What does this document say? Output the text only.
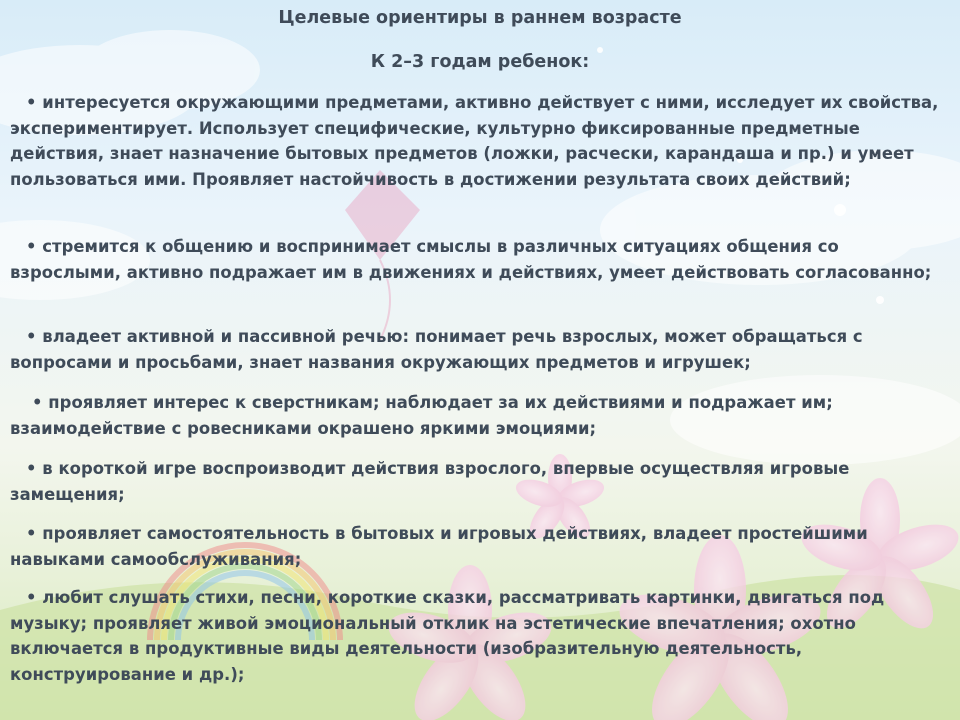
Целевые ориентиры в раннем возрасте
К 2–3 годам ребенок:
• интересуется окружающими предметами, активно действует с ними, исследует их свойства, экспериментирует. Использует специфические, культурно фиксированные предметные действия, знает назначение бытовых предметов (ложки, расчески, карандаша и пр.) и умеет пользоваться ими. Проявляет настойчивость в достижении результата своих действий;
• стремится к общению и воспринимает смыслы в различных ситуациях общения со взрослыми, активно подражает им в движениях и действиях, умеет действовать согласованно;
• владеет активной и пассивной речью: понимает речь взрослых, может обращаться с вопросами и просьбами, знает названия окружающих предметов и игрушек;
• проявляет интерес к сверстникам; наблюдает за их действиями и подражает им; взаимодействие с ровесниками окрашено яркими эмоциями;
• в короткой игре воспроизводит действия взрослого, впервые осуществляя игровые замещения;
• проявляет самостоятельность в бытовых и игровых действиях, владеет простейшими навыками самообслуживания;
• любит слушать стихи, песни, короткие сказки, рассматривать картинки, двигаться под музыку; проявляет живой эмоциональный отклик на эстетические впечатления; охотно включается в продуктивные виды деятельности (изобразительную деятельность, конструирование и др.);
